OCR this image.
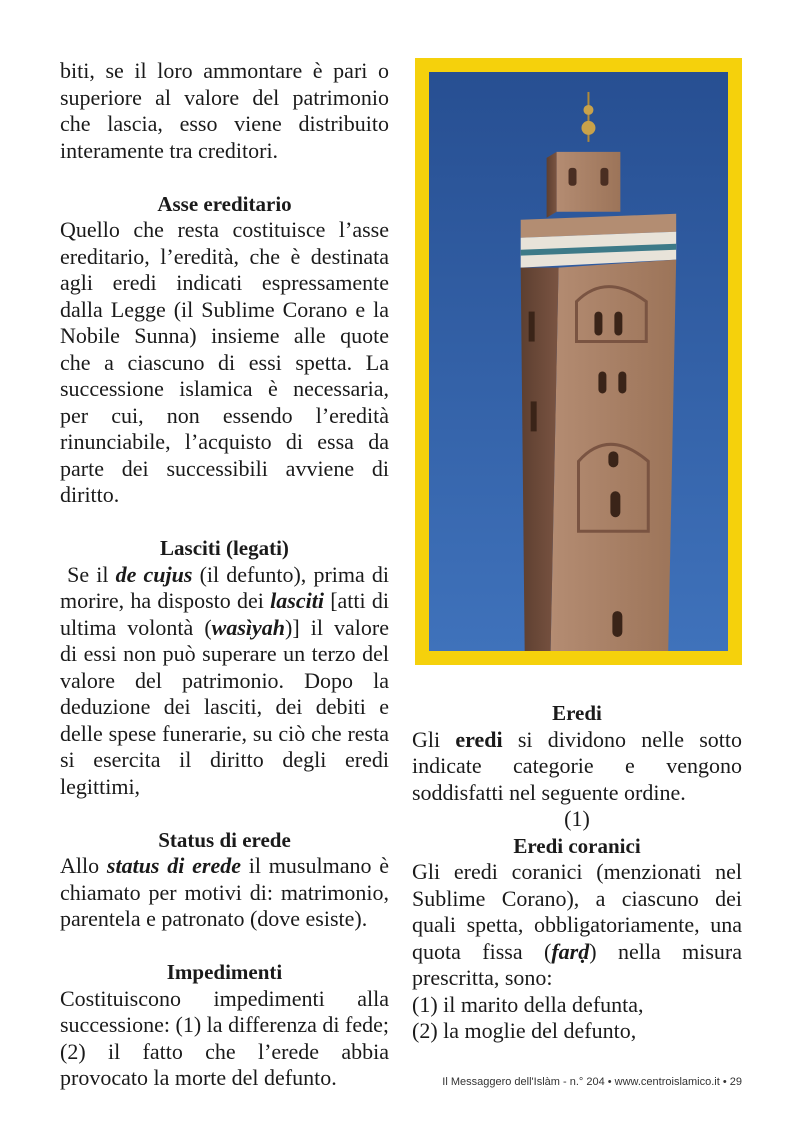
biti, se il loro ammontare è pari o superiore al valore del patrimonio che lascia, esso viene distribuito interamente tra creditori.

Asse ereditario

Quello che resta costituisce l’asse ereditario, l’eredità, che è destinata agli eredi indicati espressamente dalla Legge (il Sublime Corano e la Nobile Sunna) insieme alle quote che a ciascuno di essi spetta. La successione islamica è necessaria, per cui, non essendo l’eredità rinunciabile, l’acquisto di essa da parte dei successibili avviene di diritto.

Lasciti (legati)

Se il de cujus (il defunto), prima di morire, ha disposto dei lasciti [atti di ultima volontà (wasìyah)] il valore di essi non può superare un terzo del valore del patrimonio. Dopo la deduzione dei lasciti, dei debiti e delle spese funerarie, su ciò che resta si esercita il diritto degli eredi legittimi,

Status di erede

Allo status di erede il musulmano è chiamato per motivi di: matrimonio, parentela e patronato (dove esiste).

Impedimenti

Costituiscono impedimenti alla successione: (1) la differenza di fede; (2) il fatto che l’erede abbia provocato la morte del defunto.

Eredi

Gli eredi si dividono nelle sotto indicate categorie e vengono soddisfatti nel seguente ordine.

(1)

Eredi coranici

Gli eredi coranici (menzionati nel Sublime Corano), a ciascuno dei quali spetta, obbligatoriamente, una quota fissa (farḍ) nella misura prescritta, sono:

(1) il marito della defunta,

(2) la moglie del defunto,

Il Messaggero dell'Islàm - n.° 204 • www.centroislamico.it • 29
